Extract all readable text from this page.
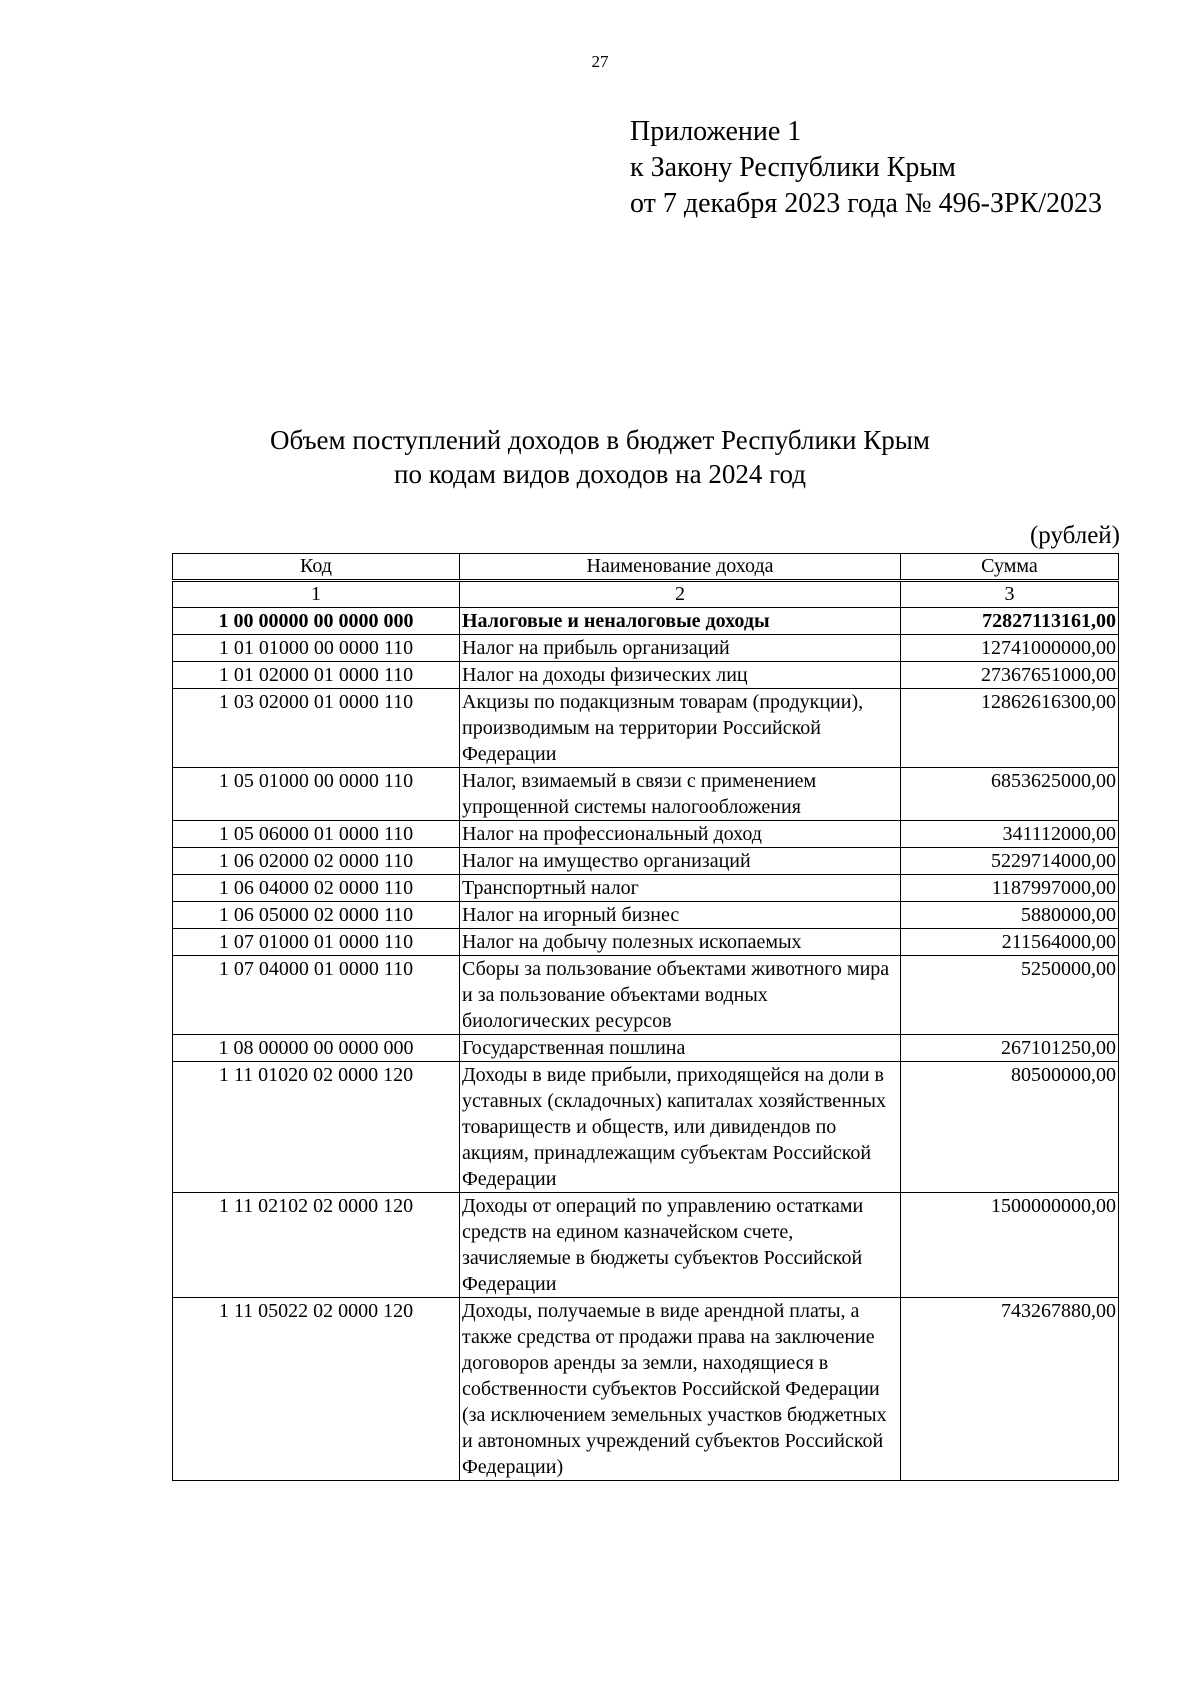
27
Приложение 1
к Закону Республики Крым
от 7 декабря 2023 года № 496-ЗРК/2023
Объем поступлений доходов в бюджет Республики Крым
по кодам видов доходов на 2024 год
(рублей)
Код	Наименование дохода	Сумма
1	2	3
1 00 00000 00 0000 000	Налоговые и неналоговые доходы	72827113161,00
1 01 01000 00 0000 110	Налог на прибыль организаций	12741000000,00
1 01 02000 01 0000 110	Налог на доходы физических лиц	27367651000,00
1 03 02000 01 0000 110	Акцизы по подакцизным товарам (продукции), производимым на территории Российской Федерации	12862616300,00
1 05 01000 00 0000 110	Налог, взимаемый в связи с применением упрощенной системы налогообложения	6853625000,00
1 05 06000 01 0000 110	Налог на профессиональный доход	341112000,00
1 06 02000 02 0000 110	Налог на имущество организаций	5229714000,00
1 06 04000 02 0000 110	Транспортный налог	1187997000,00
1 06 05000 02 0000 110	Налог на игорный бизнес	5880000,00
1 07 01000 01 0000 110	Налог на добычу полезных ископаемых	211564000,00
1 07 04000 01 0000 110	Сборы за пользование объектами животного мира и за пользование объектами водных биологических ресурсов	5250000,00
1 08 00000 00 0000 000	Государственная пошлина	267101250,00
1 11 01020 02 0000 120	Доходы в виде прибыли, приходящейся на доли в уставных (складочных) капиталах хозяйственных товариществ и обществ, или дивидендов по акциям, принадлежащим субъектам Российской Федерации	80500000,00
1 11 02102 02 0000 120	Доходы от операций по управлению остатками средств на едином казначейском счете, зачисляемые в бюджеты субъектов Российской Федерации	1500000000,00
1 11 05022 02 0000 120	Доходы, получаемые в виде арендной платы, а также средства от продажи права на заключение договоров аренды за земли, находящиеся в собственности субъектов Российской Федерации (за исключением земельных участков бюджетных и автономных учреждений субъектов Российской Федерации)	743267880,00
